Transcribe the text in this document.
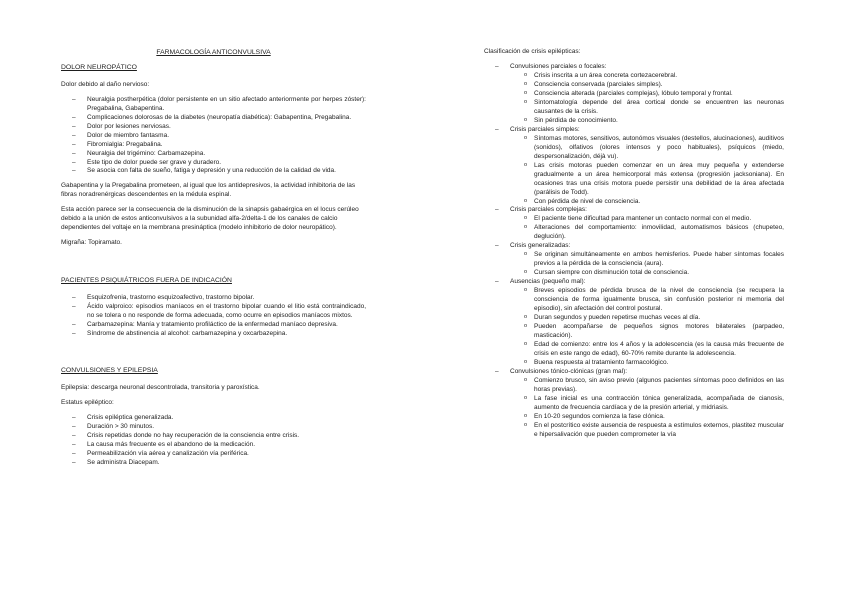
FARMACOLOGÍA ANTICONVULSIVA
DOLOR NEUROPÁTICO

Dolor debido al daño nervioso:

– Neuralgia postherpética (dolor persistente en un sitio afectado anteriormente por herpes zóster): Pregabalina, Gabapentina.
– Complicaciones dolorosas de la diabetes (neuropatía diabética): Gabapentina, Pregabalina.
– Dolor por lesiones nerviosas.
– Dolor de miembro fantasma.
– Fibromialgia: Pregabalina.
– Neuralgia del trigémino: Carbamazepina.
– Este tipo de dolor puede ser grave y duradero.
– Se asocia con falta de sueño, fatiga y depresión y una reducción de la calidad de vida.

Gabapentina y la Pregabalina prometeen, al igual que los antidepresivos, la actividad inhibitoria de las fibras noradrenérgicas descendentes en la médula espinal.

Esta acción parece ser la consecuencia de la disminución de la sinapsis gabaérgica en el locus cerúleo debido a la unión de estos anticonvulsivos a la subunidad alfa-2/delta-1 de los canales de calcio dependientes del voltaje en la membrana presináptica (modelo inhibitorio de dolor neuropático).

Migraña: Topiramato.

PACIENTES PSIQUIÁTRICOS FUERA DE INDICACIÓN
– Esquizofrenia, trastorno esquizoafectivo, trastorno bipolar.
– Ácido valproico: episodios maníacos en el trastorno bipolar cuando el litio está contraindicado, no se tolera o no responde de forma adecuada, como ocurre en episodios maníacos mixtos.
– Carbamazepina: Manía y tratamiento profiláctico de la enfermedad maníaco depresiva.
– Síndrome de abstinencia al alcohol: carbamazepina y oxcarbazepina.
CONVULSIONES Y EPILEPSIA

Epilepsia: descarga neuronal descontrolada, transitoria y paroxística.

Estatus epiléptico:

– Crisis epiléptica generalizada.
– Duración > 30 minutos.
– Crisis repetidas donde no hay recuperación de la consciencia entre crisis.
– La causa más frecuente es el abandono de la medicación.
– Permeabilización vía aérea y canalización vía periférica.
– Se administra Diacepam.

Clasificación de crisis epilépticas:

– Convulsiones parciales o focales:
o Crisis inscrita a un área concreta cortezacerebral.
o Consciencia conservada (parciales simples).
o Consciencia alterada (parciales complejas), lóbulo temporal y frontal.
o Sintomatología depende del área cortical donde se encuentren las neuronas causantes de la crisis.
o Sin pérdida de conocimiento.
– Crisis parciales simples:
o Síntomas motores, sensitivos, autonómos visuales (destellos, alucinaciones), auditivos (sonidos), olfativos (olores intensos y poco habituales), psíquicos (miedo, despersonalización, déjà vu).
o Las crisis motoras pueden comenzar en un área muy pequeña y extenderse gradualmente a un área hemicorporal más extensa (progresión jacksoniana). En ocasiones tras una crisis motora puede persistir una debilidad de la área afectada (parálisis de Todd).
o Con pérdida de nivel de consciencia.
– Crisis parciales complejas:
o El paciente tiene dificultad para mantener un contacto normal con el medio.
o Alteraciones del comportamiento: inmovilidad, automatismos básicos (chupeteo, deglución).
– Crisis generalizadas:
o Se originan simultáneamente en ambos hemisferios. Puede haber síntomas focales previos a la pérdida de la consciencia (aura).
o Cursan siempre con disminución total de consciencia.
– Ausencias (pequeño mal):
o Breves episodios de pérdida brusca de la nivel de consciencia (se recupera la consciencia de forma igualmente brusca, sin confusión posterior ni memoria del episodio), sin afectación del control postural.
o Duran segundos y pueden repetirse muchas veces al día.
o Pueden acompañarse de pequeños signos motores bilaterales (parpadeo, masticación).
o Edad de comienzo: entre los 4 años y la adolescencia (es la causa más frecuente de crisis en este rango de edad), 60-70% remite durante la adolescencia.
o Buena respuesta al tratamiento farmacológico.
– Convulsiones tónico-clónicas (gran mal):
o Comienzo brusco, sin aviso previo (algunos pacientes síntomas poco definidos en las horas previas).
o La fase inicial es una contracción tónica generalizada, acompañada de cianosis, aumento de frecuencia cardíaca y de la presión arterial, y midriasis.
o En 10-20 segundos comienza la fase clónica.
o En el postcrítico existe ausencia de respuesta a estímulos externos, plastitez muscular e hipersalivación que pueden comprometer la vía
